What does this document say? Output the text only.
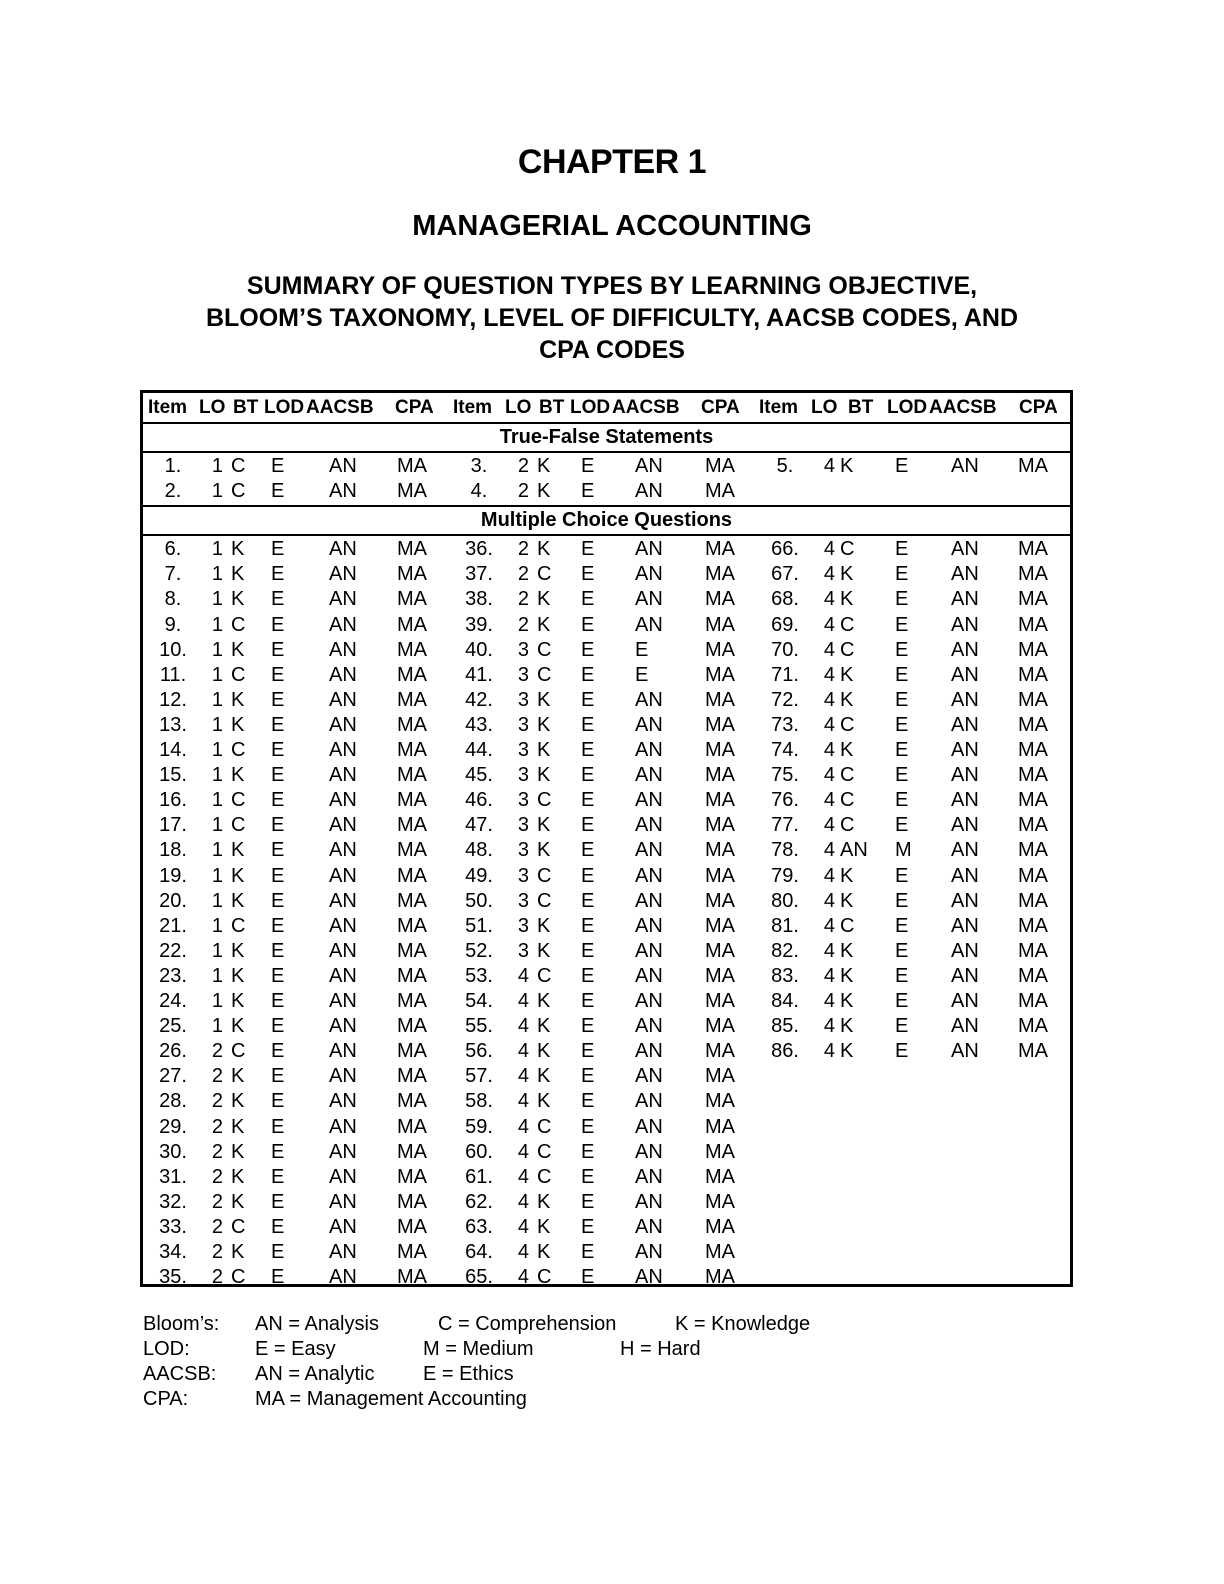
CHAPTER 1
MANAGERIAL ACCOUNTING
SUMMARY OF QUESTION TYPES BY LEARNING OBJECTIVE,
BLOOM’S TAXONOMY, LEVEL OF DIFFICULTY, AACSB CODES, AND
CPA CODES
Item LO BT LOD AACSB CPA Item LO BT LOD AACSB CPA Item LO BT LOD AACSB CPA
True-False Statements
1.	1 C	E	AN	MA	3.	2 K	E	AN	MA	5.	4 K	E	AN	MA
2.	1 C	E	AN	MA	4.	2 K	E	AN	MA
Multiple Choice Questions
6.	1 K	E	AN	MA	36.	2 K	E	AN	MA	66.	4 C	E	AN	MA
7.	1 K	E	AN	MA	37.	2 C	E	AN	MA	67.	4 K	E	AN	MA
8.	1 K	E	AN	MA	38.	2 K	E	AN	MA	68.	4 K	E	AN	MA
9.	1 C	E	AN	MA	39.	2 K	E	AN	MA	69.	4 C	E	AN	MA
10.	1 K	E	AN	MA	40.	3 C	E	E	MA	70.	4 C	E	AN	MA
11.	1 C	E	AN	MA	41.	3 C	E	E	MA	71.	4 K	E	AN	MA
12.	1 K	E	AN	MA	42.	3 K	E	AN	MA	72.	4 K	E	AN	MA
13.	1 K	E	AN	MA	43.	3 K	E	AN	MA	73.	4 C	E	AN	MA
14.	1 C	E	AN	MA	44.	3 K	E	AN	MA	74.	4 K	E	AN	MA
15.	1 K	E	AN	MA	45.	3 K	E	AN	MA	75.	4 C	E	AN	MA
16.	1 C	E	AN	MA	46.	3 C	E	AN	MA	76.	4 C	E	AN	MA
17.	1 C	E	AN	MA	47.	3 K	E	AN	MA	77.	4 C	E	AN	MA
18.	1 K	E	AN	MA	48.	3 K	E	AN	MA	78.	4 AN	M	AN	MA
19.	1 K	E	AN	MA	49.	3 C	E	AN	MA	79.	4 K	E	AN	MA
20.	1 K	E	AN	MA	50.	3 C	E	AN	MA	80.	4 K	E	AN	MA
21.	1 C	E	AN	MA	51.	3 K	E	AN	MA	81.	4 C	E	AN	MA
22.	1 K	E	AN	MA	52.	3 K	E	AN	MA	82.	4 K	E	AN	MA
23.	1 K	E	AN	MA	53.	4 C	E	AN	MA	83.	4 K	E	AN	MA
24.	1 K	E	AN	MA	54.	4 K	E	AN	MA	84.	4 K	E	AN	MA
25.	1 K	E	AN	MA	55.	4 K	E	AN	MA	85.	4 K	E	AN	MA
26.	2 C	E	AN	MA	56.	4 K	E	AN	MA	86.	4 K	E	AN	MA
27.	2 K	E	AN	MA	57.	4 K	E	AN	MA
28.	2 K	E	AN	MA	58.	4 K	E	AN	MA
29.	2 K	E	AN	MA	59.	4 C	E	AN	MA
30.	2 K	E	AN	MA	60.	4 C	E	AN	MA
31.	2 K	E	AN	MA	61.	4 C	E	AN	MA
32.	2 K	E	AN	MA	62.	4 K	E	AN	MA
33.	2 C	E	AN	MA	63.	4 K	E	AN	MA
34.	2 K	E	AN	MA	64.	4 K	E	AN	MA
35.	2 C	E	AN	MA	65.	4 C	E	AN	MA
Bloom’s: AN = Analysis	C = Comprehension	K = Knowledge
LOD:	E = Easy	M = Medium	H = Hard
AACSB: AN = Analytic E = Ethics
CPA:	MA = Management Accounting
